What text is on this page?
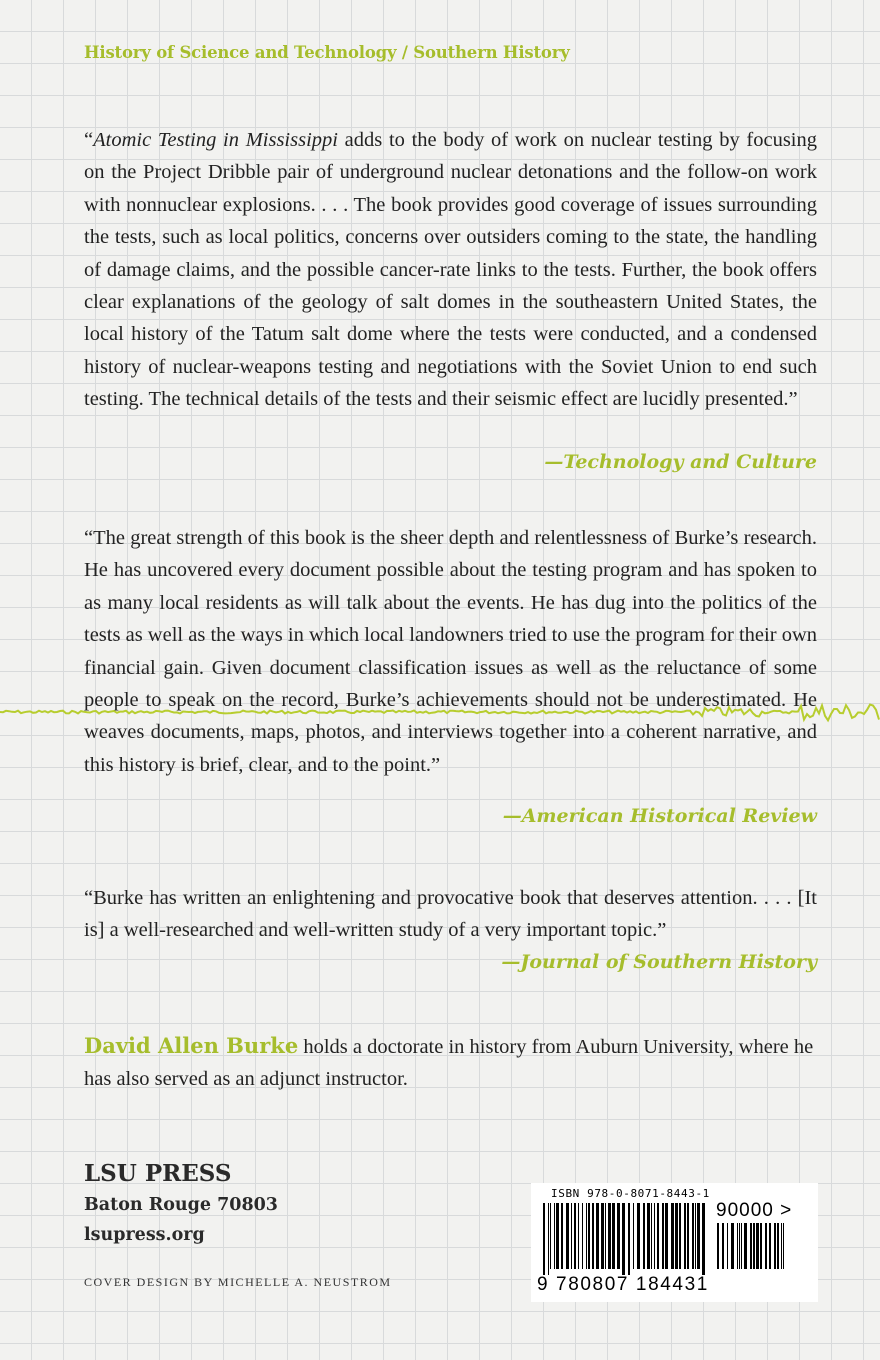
History of Science and Technology / Southern History
“Atomic Testing in Mississippi adds to the body of work on nuclear testing by focusing on the Project Dribble pair of underground nuclear detonations and the follow-on work with nonnuclear explosions. . . . The book provides good coverage of issues surrounding the tests, such as local politics, concerns over outsiders coming to the state, the handling of damage claims, and the possible cancer-rate links to the tests. Further, the book offers clear explanations of the geology of salt domes in the southeastern United States, the local history of the Tatum salt dome where the tests were conducted, and a condensed history of nuclear-weapons testing and negotiations with the Soviet Union to end such testing. The technical details of the tests and their seismic effect are lucidly presented.”
—Technology and Culture
“The great strength of this book is the sheer depth and relentlessness of Burke’s research. He has uncovered every document possible about the testing program and has spoken to as many local residents as will talk about the events. He has dug into the politics of the tests as well as the ways in which local landowners tried to use the program for their own financial gain. Given document classification issues as well as the reluctance of some people to speak on the record, Burke’s achievements should not be underestimated. He weaves documents, maps, photos, and interviews together into a coherent narrative, and this history is brief, clear, and to the point.”
—American Historical Review
“Burke has written an enlightening and provocative book that deserves attention. . . . [It is] a well-researched and well-written study of a very important topic.”
—Journal of Southern History
David Allen Burke holds a doctorate in history from Auburn University, where he has also served as an adjunct instructor.
LSU PRESS
Baton Rouge 70803
lsupress.org
COVER DESIGN BY MICHELLE A. NEUSTROM
ISBN 978-0-8071-8443-1
90000 >
9 780807 184431
